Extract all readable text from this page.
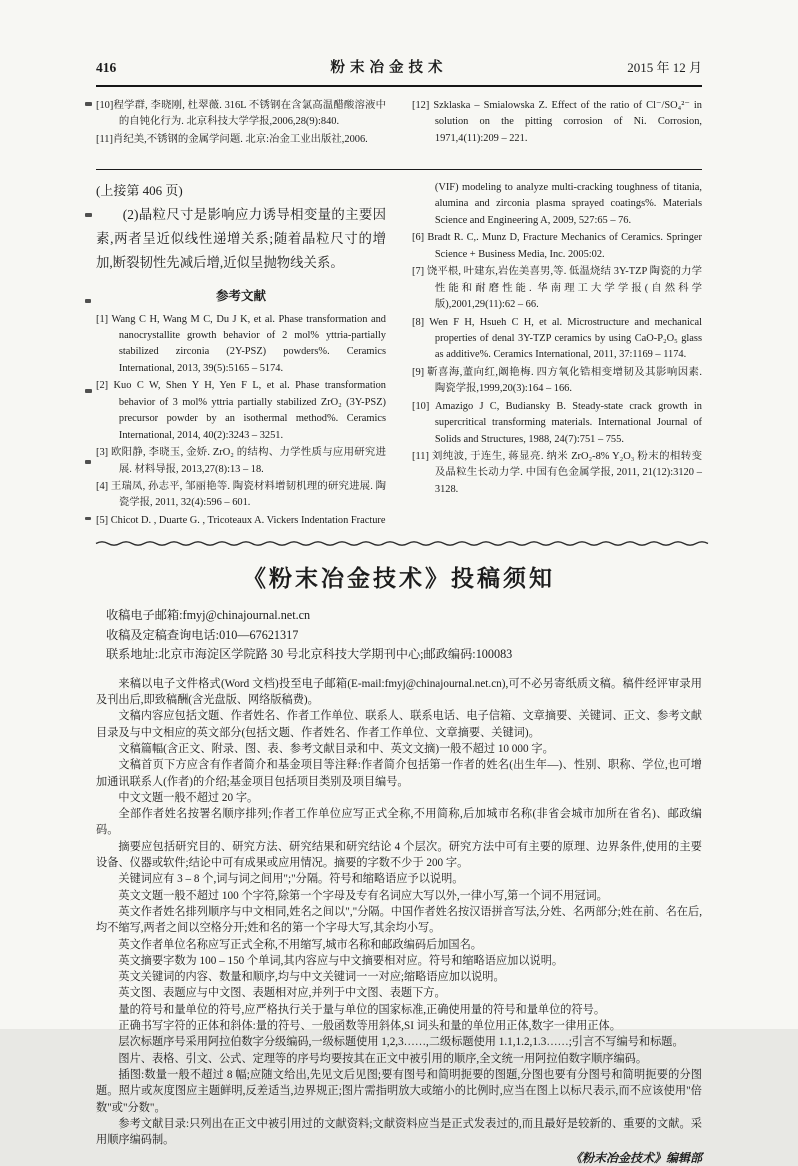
416	粉末冶金技术	2015 年 12 月

[10]程学群, 李晓刚, 杜翠薇. 316L 不锈钢在含氯高温醋酸溶液中的自钝化行为. 北京科技大学学报,2006,28(9):840.

[11]肖纪美,不锈钢的金属学问题. 北京:冶金工业出版社,2006.

[12] Szklaska – Smialowska Z. Effect of the ratio of Cl⁻/SO₄²⁻ in solution on the pitting corrosion of Ni. Corrosion, 1971,4(11):209 – 221.

(上接第 406 页)

(2)晶粒尺寸是影响应力诱导相变量的主要因素,两者呈近似线性递增关系;随着晶粒尺寸的增加,断裂韧性先减后增,近似呈抛物线关系。

参考文献

[1] Wang C H, Wang M C, Du J K, et al. Phase transformation and nanocrystallite growth behavior of 2 mol% yttria-partially stabilized zirconia (2Y-PSZ) powders%. Ceramics International, 2013, 39(5):5165 – 5174.

[2] Kuo C W, Shen Y H, Yen F L, et al. Phase transformation behavior of 3 mol% yttria partially stabilized ZrO₂ (3Y-PSZ) precursor powder by an isothermal method%. Ceramics International, 2014, 40(2):3243 – 3251.

[3] 欧阳静, 李晓玉, 金娇. ZrO₂ 的结构、力学性质与应用研究进展. 材料导报, 2013,27(8):13 – 18.

[4] 王瑞凤, 孙志平, 邹丽艳等. 陶瓷材料增韧机理的研究进展. 陶瓷学报, 2011, 32(4):596 – 601.

[5] Chicot D. , Duarte G. , Tricoteaux A. Vickers Indentation Fracture

(VIF) modeling to analyze multi-cracking toughness of titania, alumina and zirconia plasma sprayed coatings%. Materials Science and Engineering A, 2009, 527:65 – 76.

[6] Bradt R. C,. Munz D, Fracture Mechanics of Ceramics. Springer Science + Business Media, Inc. 2005:02.

[7] 饶平根, 叶建东,岩佐美喜男,等. 低温烧结 3Y-TZP 陶瓷的力学性能和耐磨性能. 华南理工大学学报(自然科学版),2001,29(11):62 – 66.

[8] Wen F H, Hsueh C H, et al. Microstructure and mechanical properties of denal 3Y-TZP ceramics by using CaO-P₂O₅ glass as additive%. Ceramics International, 2011, 37:1169 – 1174.

[9] 靳喜海,董向红,阚艳梅. 四方氧化锆相变增韧及其影响因素. 陶瓷学报,1999,20(3):164 – 166.

[10] Amazigo J C, Budiansky B. Steady-state crack growth in supercritical transforming materials. International Journal of Solids and Structures, 1988, 24(7):751 – 755.

[11] 刘纯波, 于连生, 蒋显亮. 纳米 ZrO₂-8% Y₂O₃ 粉末的相转变及晶粒生长动力学. 中国有色金属学报, 2011, 21(12):3120 – 3128.

《粉末冶金技术》投稿须知

收稿电子邮箱:fmyj@chinajournal.net.cn

收稿及定稿查询电话:010—67621317

联系地址:北京市海淀区学院路 30 号北京科技大学期刊中心;邮政编码:100083

来稿以电子文件格式(Word 文档)投至电子邮箱(E-mail:fmyj@chinajournal.net.cn),可不必另寄纸质文稿。稿件经评审录用及刊出后,即致稿酬(含光盘版、网络版稿费)。

文稿内容应包括文题、作者姓名、作者工作单位、联系人、联系电话、电子信箱、文章摘要、关键词、正文、参考文献目录及与中文相应的英文部分(包括文题、作者姓名、作者工作单位、文章摘要、关键词)。

文稿篇幅(含正文、附录、图、表、参考文献目录和中、英文文摘)一般不超过 10 000 字。

文稿首页下方应含有作者简介和基金项目等注释:作者简介包括第一作者的姓名(出生年—)、性别、职称、学位,也可增加通讯联系人(作者)的介绍;基金项目包括项目类别及项目编号。

中文文题一般不超过 20 字。

全部作者姓名按署名顺序排列;作者工作单位应写正式全称,不用简称,后加城市名称(非省会城市加所在省名)、邮政编码。

摘要应包括研究目的、研究方法、研究结果和研究结论 4 个层次。研究方法中可有主要的原理、边界条件,使用的主要设备、仪器或软件;结论中可有成果或应用情况。摘要的字数不少于 200 字。

关键词应有 3 – 8 个,词与词之间用";"分隔。符号和缩略语应予以说明。

英文文题一般不超过 100 个字符,除第一个字母及专有名词应大写以外,一律小写,第一个词不用冠词。

英文作者姓名排列顺序与中文相同,姓名之间以","分隔。中国作者姓名按汉语拼音写法,分姓、名两部分;姓在前、名在后,均不缩写,两者之间以空格分开;姓和名的第一个字母大写,其余均小写。

英文作者单位名称应写正式全称,不用缩写,城市名称和邮政编码后加国名。

英文摘要字数为 100 – 150 个单词,其内容应与中文摘要相对应。符号和缩略语应加以说明。

英文关键词的内容、数量和顺序,均与中文关键词一一对应;缩略语应加以说明。

英文图、表题应与中文图、表题相对应,并列于中文图、表题下方。

量的符号和量单位的符号,应严格执行关于量与单位的国家标准,正确使用量的符号和量单位的符号。

正确书写字符的正体和斜体:量的符号、一般函数等用斜体,SI 词头和量的单位用正体,数字一律用正体。

层次标题序号采用阿拉伯数字分级编码,一级标题使用 1,2,3……,二级标题使用 1.1,1.2,1.3……;引言不写编号和标题。

图片、表格、引文、公式、定理等的序号均要按其在正文中被引用的顺序,全文统一用阿拉伯数字顺序编码。

插图:数量一般不超过 8 幅;应随文给出,先见文后见图;要有图号和简明扼要的图题,分图也要有分图号和简明扼要的分图题。照片或灰度图应主题鲜明,反差适当,边界规正;图片需指明放大或缩小的比例时,应当在图上以标尺表示,而不应该使用"倍数"或"分数"。

参考文献目录:只列出在正文中被引用过的文献资料;文献资料应当是正式发表过的,而且最好是较新的、重要的文献。采用顺序编码制。

《粉末冶金技术》编辑部
